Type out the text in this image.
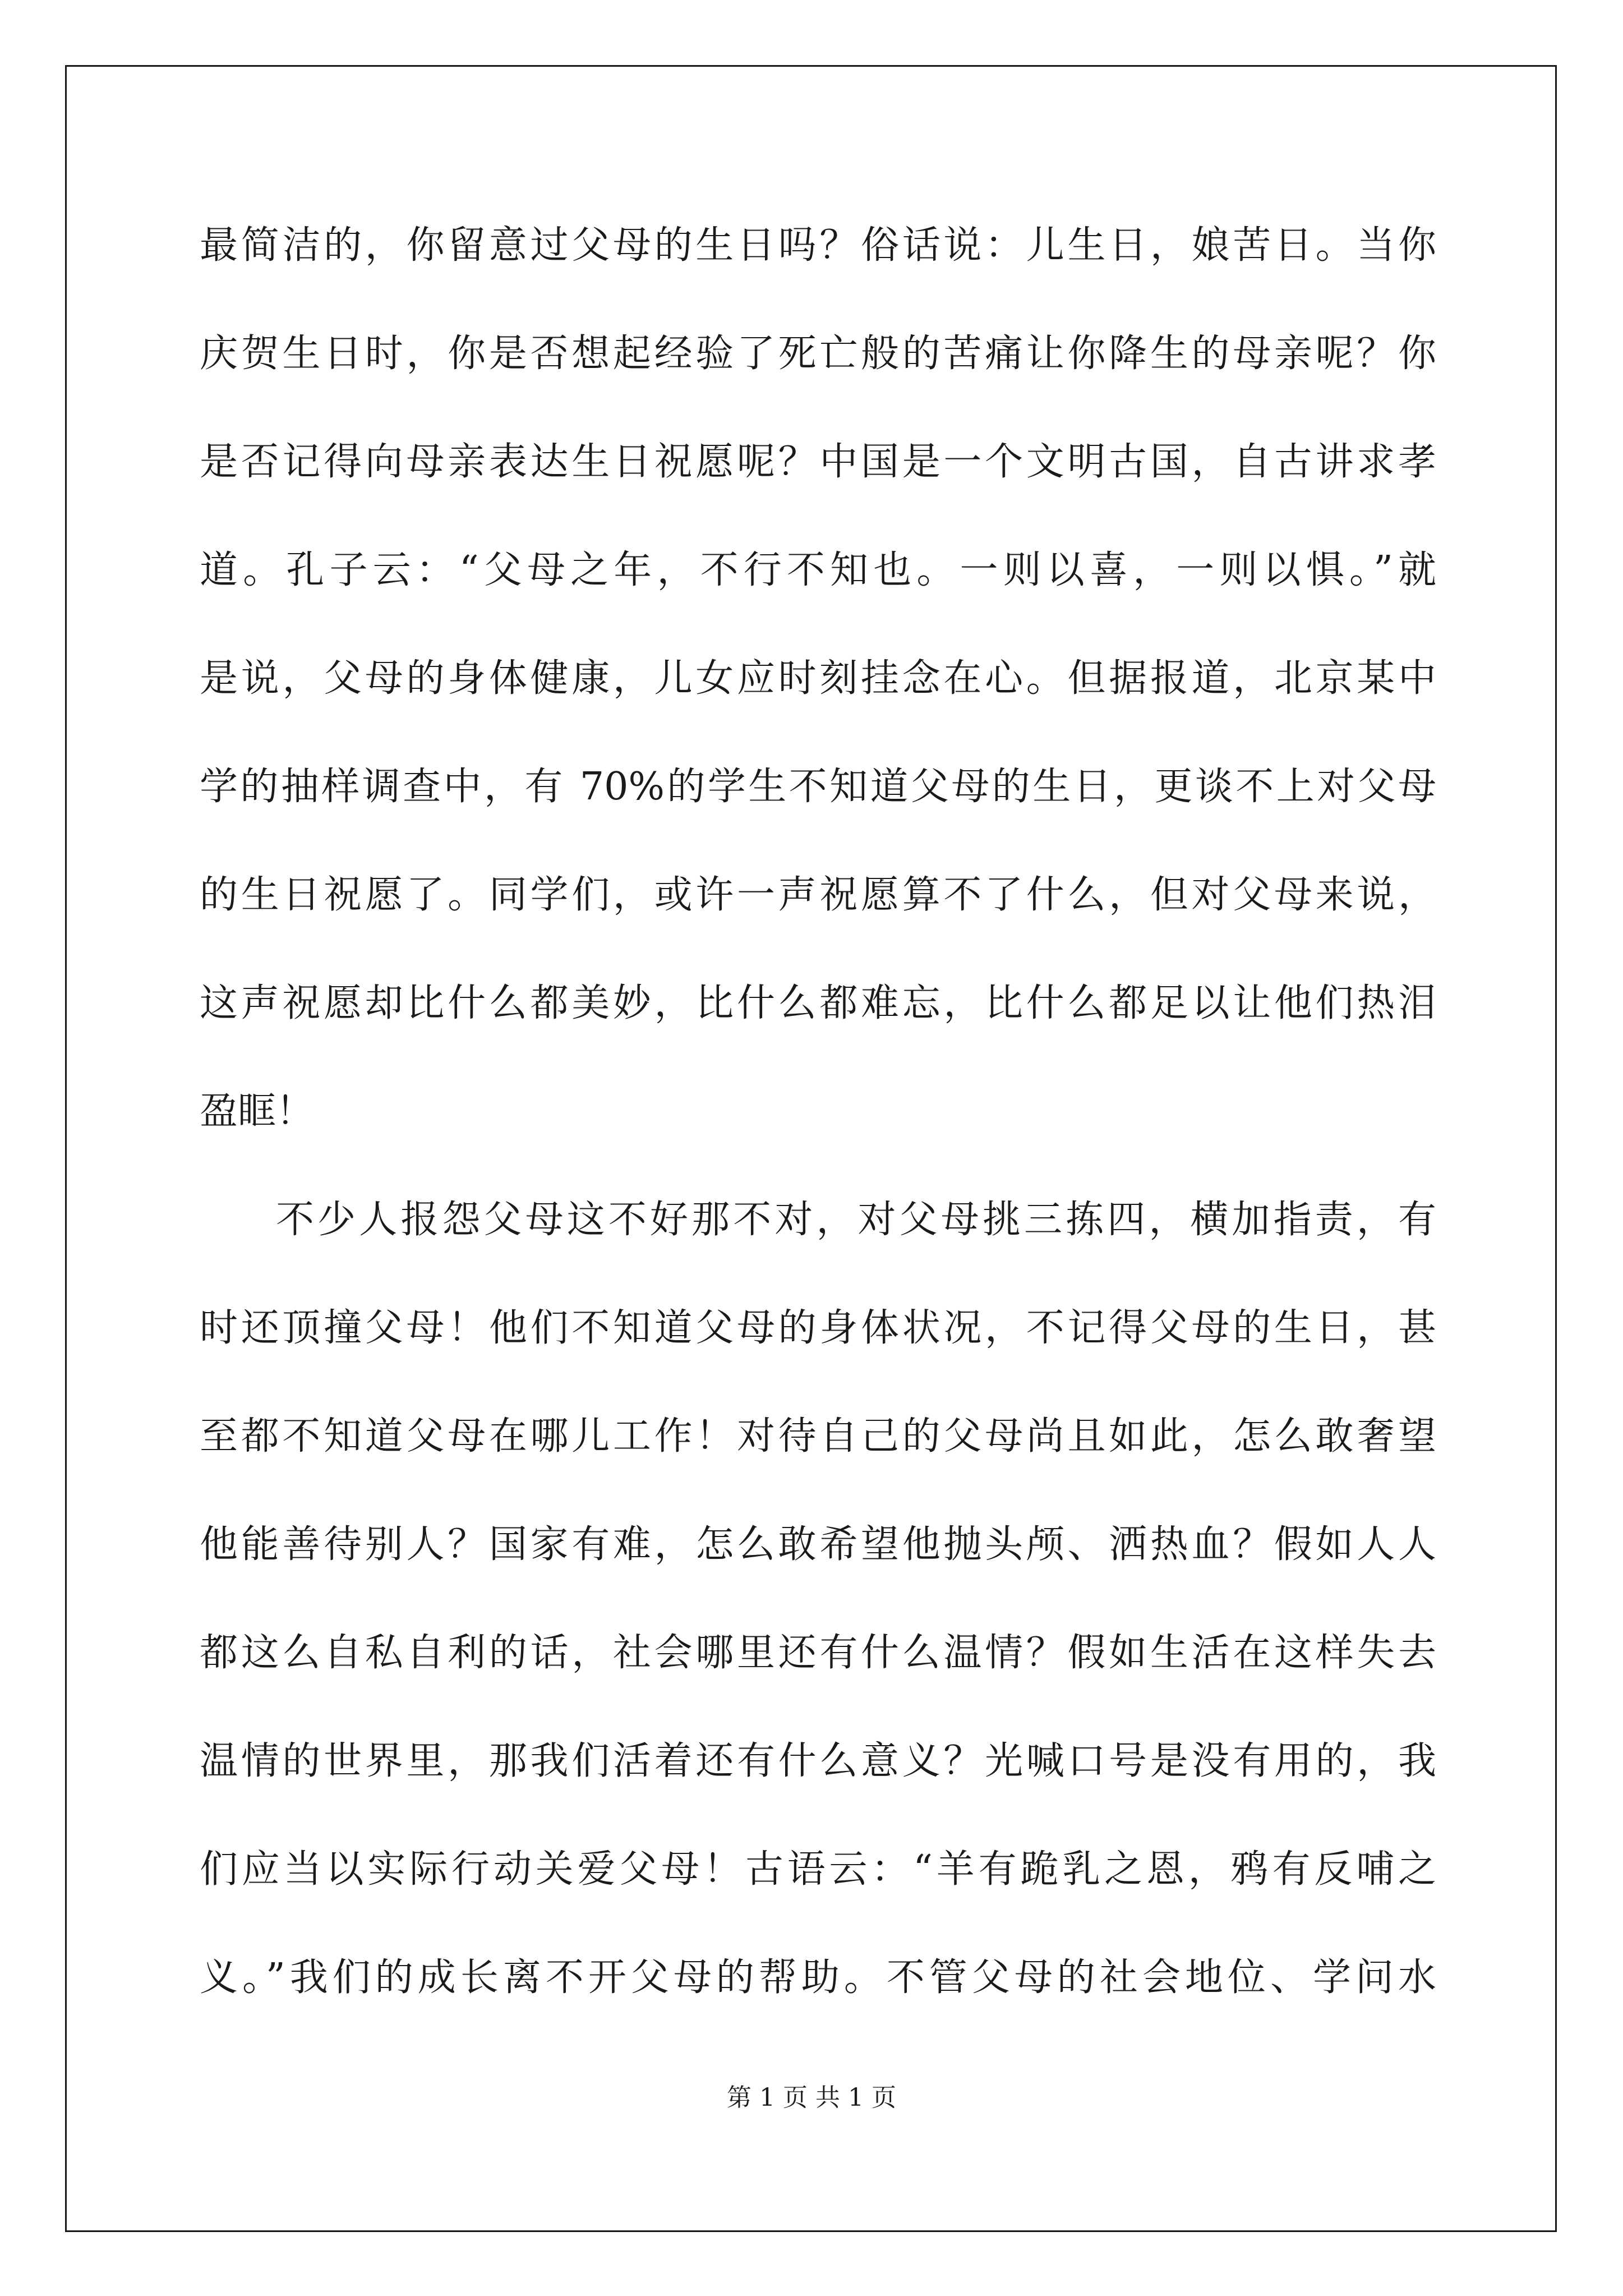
最简洁的，你留意过父母的生日吗？俗话说：儿生日，娘苦日。当你
庆贺生日时，你是否想起经验了死亡般的苦痛让你降生的母亲呢？你
是否记得向母亲表达生日祝愿呢？中国是一个文明古国，自古讲求孝
道。孔子云：“父母之年，不行不知也。一则以喜，一则以惧。”就
是说，父母的身体健康，儿女应时刻挂念在心。但据报道，北京某中
学的抽样调查中，有 70%的学生不知道父母的生日，更谈不上对父母
的生日祝愿了。同学们，或许一声祝愿算不了什么，但对父母来说，
这声祝愿却比什么都美妙，比什么都难忘，比什么都足以让他们热泪
盈眶！
不少人报怨父母这不好那不对，对父母挑三拣四，横加指责，有
时还顶撞父母！他们不知道父母的身体状况，不记得父母的生日，甚
至都不知道父母在哪儿工作！对待自己的父母尚且如此，怎么敢奢望
他能善待别人？国家有难，怎么敢希望他抛头颅、洒热血？假如人人
都这么自私自利的话，社会哪里还有什么温情？假如生活在这样失去
温情的世界里，那我们活着还有什么意义？光喊口号是没有用的，我
们应当以实际行动关爱父母！古语云：“羊有跪乳之恩，鸦有反哺之
义。”我们的成长离不开父母的帮助。不管父母的社会地位、学问水
第 1 页 共 1 页
